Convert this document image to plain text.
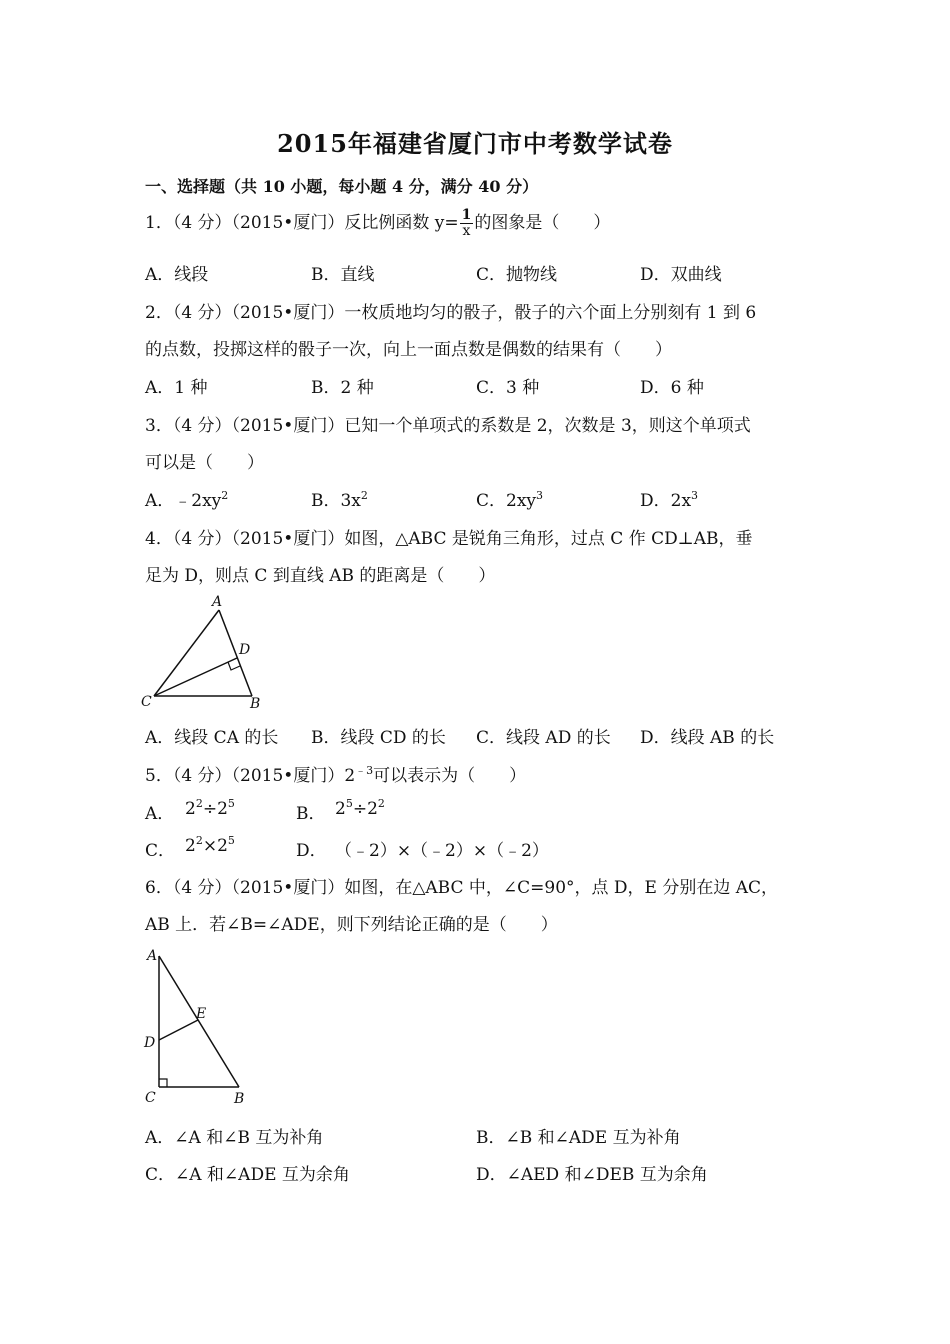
2015年福建省厦门市中考数学试卷
一、选择题（共 10 小题，每小题 4 分，满分 40 分）
1．（4 分）（2015•厦门）反比例函数 $y= \frac{1}{x}$ 的图象是（　　）
A．线段	B．直线	C．抛物线	D．双曲线
2．（4 分）（2015•厦门）一枚质地均匀的骰子，骰子的六个面上分别刻有 1 到 6
的点数，投掷这样的骰子一次，向上一面点数是偶数的结果有（　　）
A．1 种	B．2 种	C．3 种	D．6 种
3．（4 分）（2015•厦门）已知一个单项式的系数是 2，次数是 3，则这个单项式
可以是（　　）
A．$﹣2xy^2$	B．$3x^2$	C．$2xy^3$	D．$2x^3$
4．（4 分）（2015•厦门）如图，△ABC 是锐角三角形，过点 C 作 CD⊥AB，垂
足为 D，则点 C 到直线 AB 的距离是（　　）
A
D
C	B
A．线段 CA 的长 B．线段 CD 的长 C．线段 AD 的长 D．线段 AB 的长
5．（4 分）（2015•厦门）$2^{﹣3}$可以表示为（　　）
A． $2^2\div 2^5$
B． $2^5\div 2^2$
C． $2^2\times 2^5$
D． （﹣2）×（﹣2）×（﹣2）
6．（4 分）（2015•厦门）如图，在△ABC 中，∠C=90°，点 D，E 分别在边 AC，
AB 上．若∠B=∠ADE，则下列结论正确的是（　　）
A
E
D
C	B
A．∠A 和∠B 互为补角	B．∠B 和∠ADE 互为补角
C．∠A 和∠ADE 互为余角	D．∠AED 和∠DEB 互为余角
